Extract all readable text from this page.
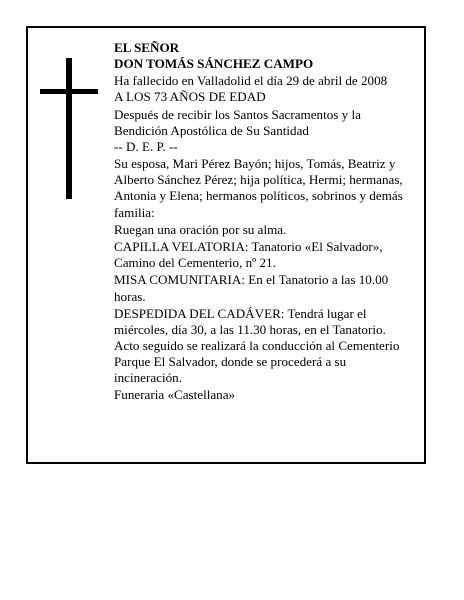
EL SEÑOR
DON TOMÁS SÁNCHEZ CAMPO
Ha fallecido en Valladolid el día 29 de abril de 2008
A LOS 73 AÑOS DE EDAD
Después de recibir los Santos Sacramentos y la
Bendición Apostólica de Su Santidad
-- D. E. P. --
Su esposa, Mari Pérez Bayón; hijos, Tomás, Beatriz y
Alberto Sánchez Pérez; hija política, Hermi; hermanas,
Antonia y Elena; hermanos políticos, sobrinos y demás
familia:
Ruegan una oración por su alma.
CAPILLA VELATORIA: Tanatorio «El Salvador»,
Camino del Cementerio, nº 21.
MISA COMUNITARIA: En el Tanatorio a las 10.00
horas.
DESPEDIDA DEL CADÁVER: Tendrá lugar el
miércoles, día 30, a las 11.30 horas, en el Tanatorio.
Acto seguido se realizará la conducción al Cementerio
Parque El Salvador, donde se procederá a su
incineración.
Funeraria «Castellana»
